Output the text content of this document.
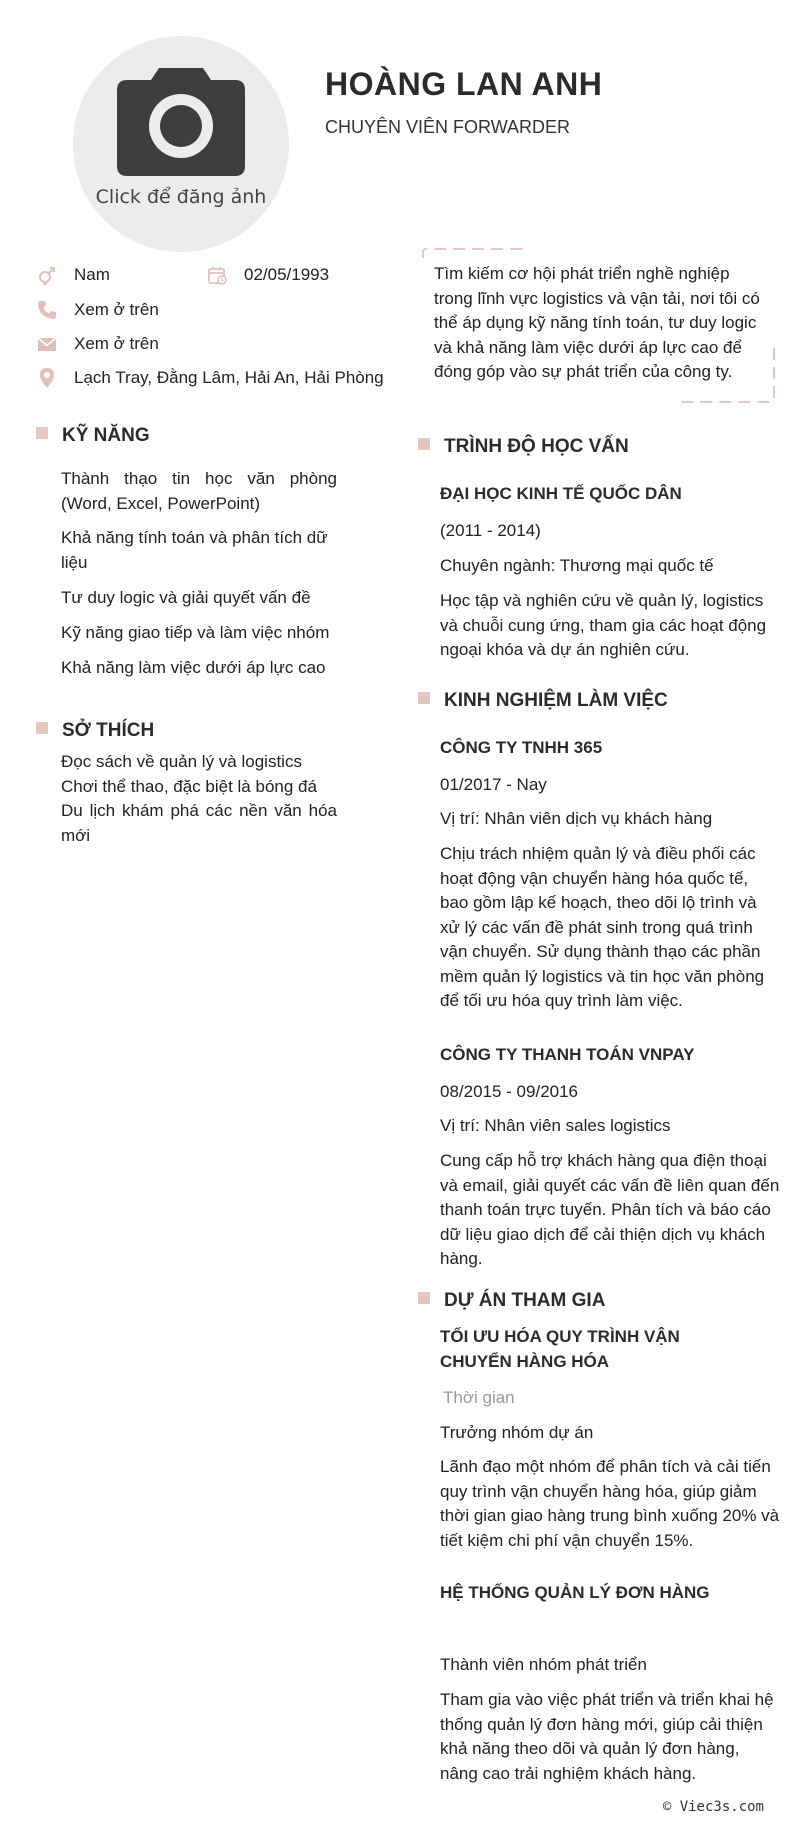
Click để đăng ảnh
HOÀNG LAN ANH
CHUYÊN VIÊN FORWARDER
Nam	02/05/1993
Xem ở trên
Xem ở trên
Lạch Tray, Đằng Lâm, Hải An, Hải Phòng

Tìm kiếm cơ hội phát triển nghề nghiệp trong lĩnh vực logistics và vận tải, nơi tôi có thể áp dụng kỹ năng tính toán, tư duy logic và khả năng làm việc dưới áp lực cao để đóng góp vào sự phát triển của công ty.

KỸ NĂNG

Thành thạo tin học văn phòng (Word, Excel, PowerPoint)

Khả năng tính toán và phân tích dữ liệu

Tư duy logic và giải quyết vấn đề

Kỹ năng giao tiếp và làm việc nhóm

Khả năng làm việc dưới áp lực cao

SỞ THÍCH

Đọc sách về quản lý và logistics

Chơi thể thao, đặc biệt là bóng đá

Du lịch khám phá các nền văn hóa mới

TRÌNH ĐỘ HỌC VẤN

ĐẠI HỌC KINH TẾ QUỐC DÂN

(2011 - 2014)

Chuyên ngành: Thương mại quốc tế

Học tập và nghiên cứu về quản lý, logistics và chuỗi cung ứng, tham gia các hoạt động ngoại khóa và dự án nghiên cứu.

KINH NGHIỆM LÀM VIỆC

CÔNG TY TNHH 365

01/2017 - Nay

Vị trí: Nhân viên dịch vụ khách hàng

Chịu trách nhiệm quản lý và điều phối các hoạt động vận chuyển hàng hóa quốc tế, bao gồm lập kế hoạch, theo dõi lộ trình và xử lý các vấn đề phát sinh trong quá trình vận chuyển. Sử dụng thành thạo các phần mềm quản lý logistics và tin học văn phòng để tối ưu hóa quy trình làm việc.

CÔNG TY THANH TOÁN VNPAY

08/2015 - 09/2016

Vị trí: Nhân viên sales logistics

Cung cấp hỗ trợ khách hàng qua điện thoại và email, giải quyết các vấn đề liên quan đến thanh toán trực tuyến. Phân tích và báo cáo dữ liệu giao dịch để cải thiện dịch vụ khách hàng.

DỰ ÁN THAM GIA

TỐI ƯU HÓA QUY TRÌNH VẬN CHUYỂN HÀNG HÓA

Thời gian

Trưởng nhóm dự án

Lãnh đạo một nhóm để phân tích và cải tiến quy trình vận chuyển hàng hóa, giúp giảm thời gian giao hàng trung bình xuống 20% và tiết kiệm chi phí vận chuyển 15%.

HỆ THỐNG QUẢN LÝ ĐƠN HÀNG

Thành viên nhóm phát triển

Tham gia vào việc phát triển và triển khai hệ thống quản lý đơn hàng mới, giúp cải thiện khả năng theo dõi và quản lý đơn hàng, nâng cao trải nghiệm khách hàng.

© Viec3s.com
